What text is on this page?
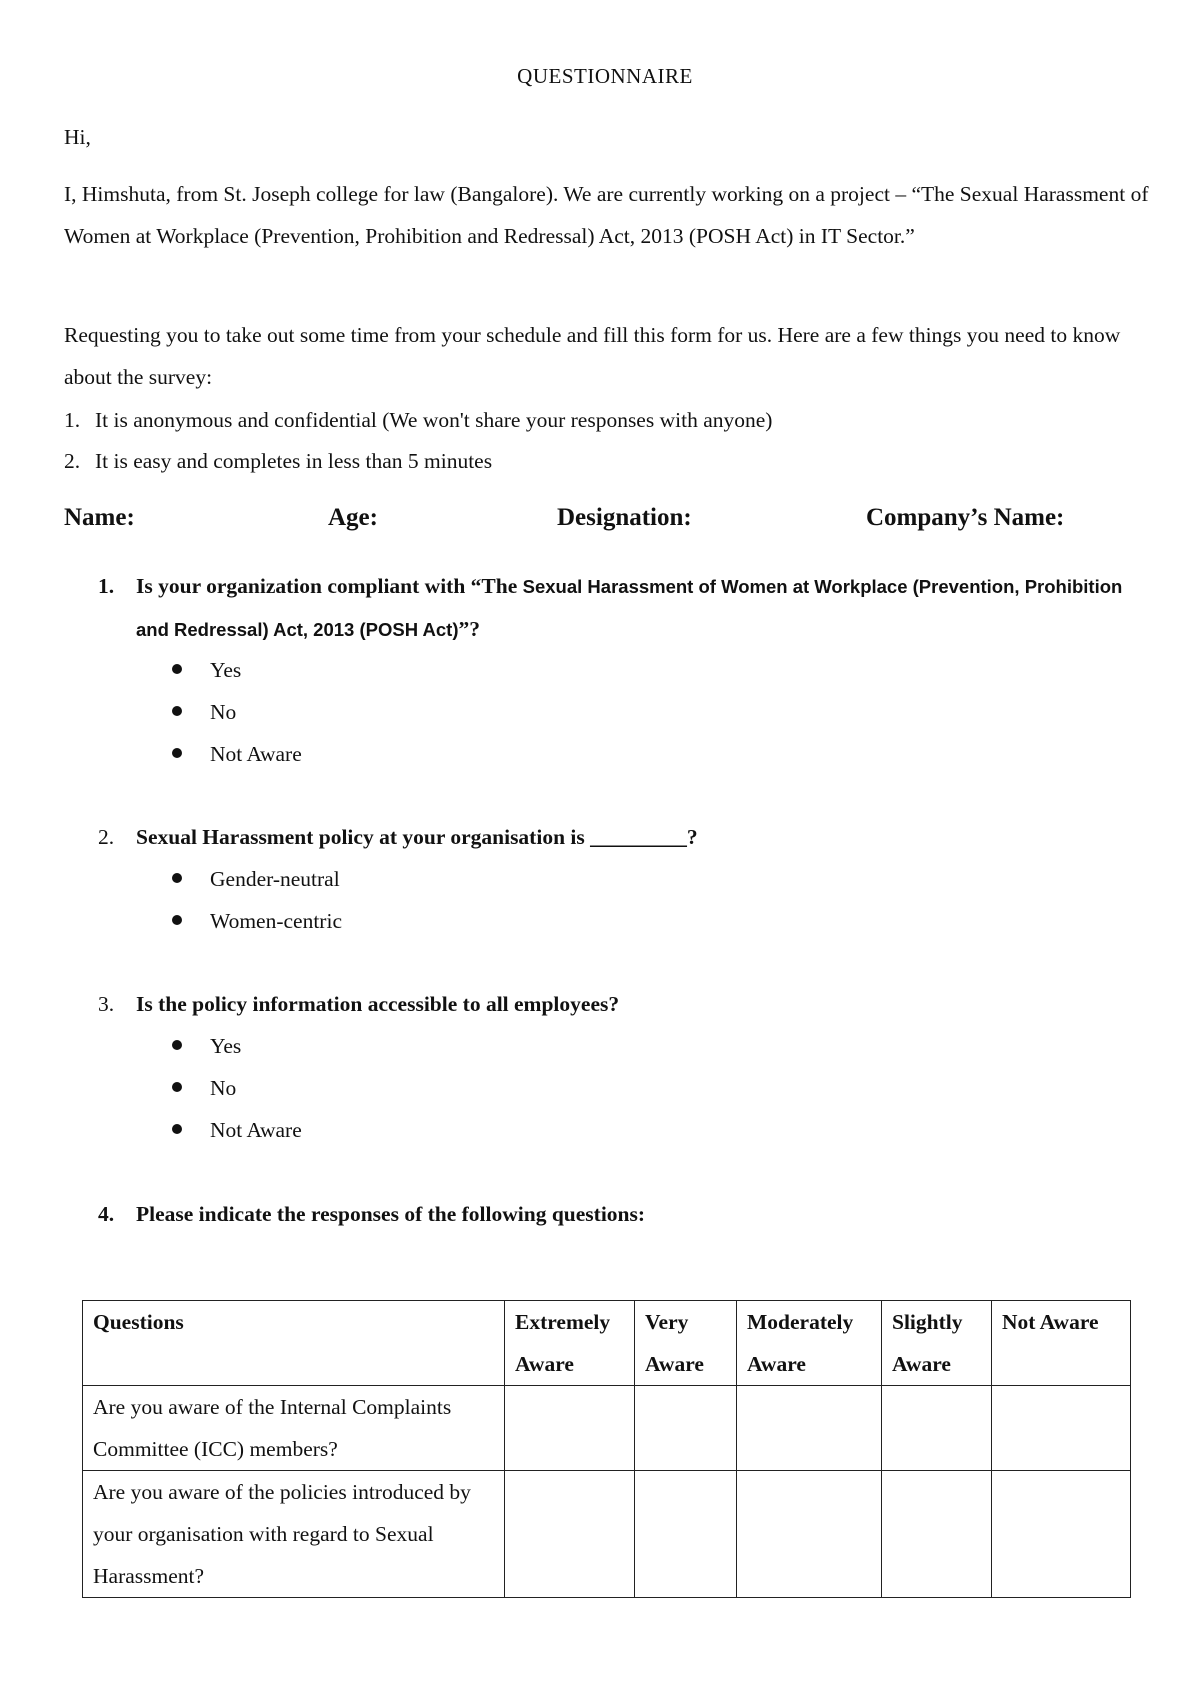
QUESTIONNAIRE
Hi,
I, Himshuta, from St. Joseph college for law (Bangalore). We are currently working on a project – “The Sexual Harassment of Women at Workplace (Prevention, Prohibition and Redressal) Act, 2013 (POSH Act) in IT Sector.”
Requesting you to take out some time from your schedule and fill this form for us. Here are a few things you need to know about the survey:
1. It is anonymous and confidential (We won't share your responses with anyone)
2. It is easy and completes in less than 5 minutes
Name:	Age:	Designation:	Company’s Name:
1. Is your organization compliant with “The Sexual Harassment of Women at Workplace (Prevention, Prohibition and Redressal) Act, 2013 (POSH Act)”?
Yes
No
Not Aware
2. Sexual Harassment policy at your organisation is _________?
Gender-neutral
Women-centric
3. Is the policy information accessible to all employees?
Yes
No
Not Aware
4. Please indicate the responses of the following questions:
Questions	Extremely Aware	Very Aware	Moderately Aware	Slightly Aware	Not Aware
Are you aware of the Internal Complaints Committee (ICC) members?					
Are you aware of the policies introduced by your organisation with regard to Sexual Harassment?					
